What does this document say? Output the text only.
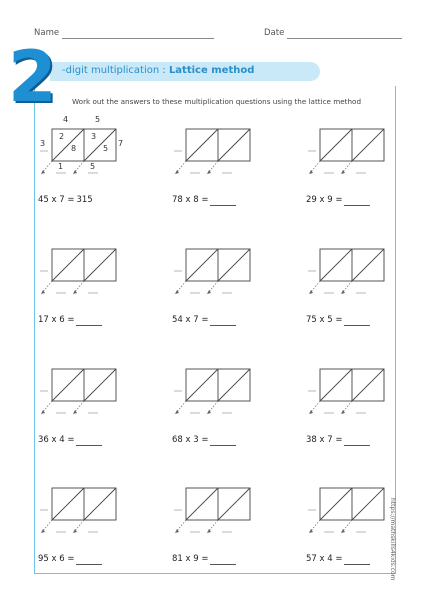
Name	Date
2 -digit multiplication : Lattice method
Work out the answers to these multiplication questions using the lattice method
https://mathskills4kids.com
4	5
7
3
2	3
8	5
1	5
45 x 7 = 315	78 x 8 =	29 x 9 =
17 x 6 =	54 x 7 =	75 x 5 =
36 x 4 =	68 x 3 =	38 x 7 =
95 x 6 =	81 x 9 =	57 x 4 =
